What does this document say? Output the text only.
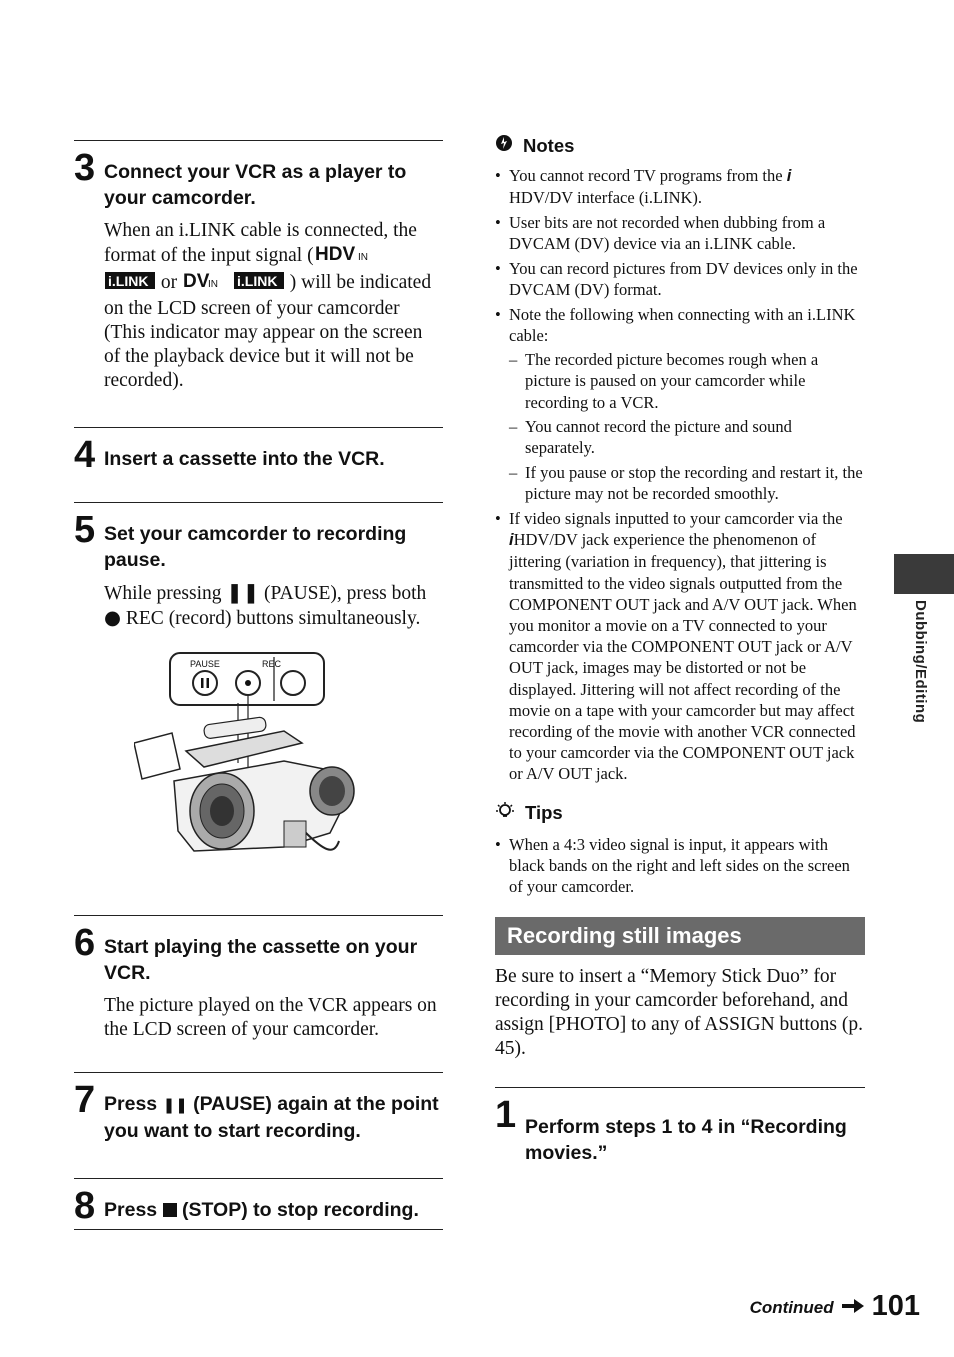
3 Connect your VCR as a player to your camcorder.
When an i.LINK cable is connected, the format of the input signal ( HDV IN

i.LINK or DV
IN
i.LINK ) will be indicated on the LCD screen of your camcorder (This indicator may appear on the screen of the playback device but it will not be recorded).
4 Insert a cassette into the VCR.
5 Set your camcorder to recording pause.
While pressing ❚❚ (PAUSE), press both ● REC (record) buttons simultaneously.
PAUSE	REC
6 Start playing the cassette on your VCR.
The picture played on the VCR appears on the LCD screen of your camcorder.
7 Press ❚❚ (PAUSE) again at the point you want to start recording.
8 Press  (STOP) to stop recording.
Notes
• You cannot record TV programs from the i
HDV/DV interface (i.LINK).
• User bits are not recorded when dubbing from a DVCAM (DV) device via an i.LINK cable.
• You can record pictures from DV devices only in the DVCAM (DV) format.
• Note the following when connecting with an i.LINK cable:
– The recorded picture becomes rough when a picture is paused on your camcorder while recording to a VCR.
– You cannot record the picture and sound separately.
– If you pause or stop the recording and restart it, the picture may not be recorded smoothly.
• If video signals inputted to your camcorder via the iHDV/DV jack experience the phenomenon of jittering (variation in frequency), that jittering is transmitted to the video signals outputted from the COMPONENT OUT jack and A/V OUT jack. When you monitor a movie on a TV connected to your camcorder via the COMPONENT OUT jack or A/V OUT jack, images may be distorted or not be displayed. Jittering will not affect recording of the movie on a tape with your camcorder but may affect recording of the movie with another VCR connected to your camcorder via the COMPONENT OUT jack or A/V OUT jack.
Tips
• When a 4:3 video signal is input, it appears with black bands on the right and left sides on the screen of your camcorder.
Recording still images
Be sure to insert a “Memory Stick Duo” for recording in your camcorder beforehand, and assign [PHOTO] to any of ASSIGN buttons (p. 45).
1 Perform steps 1 to 4 in “Recording movies.”
Dubbing/Editing
Continued 101
